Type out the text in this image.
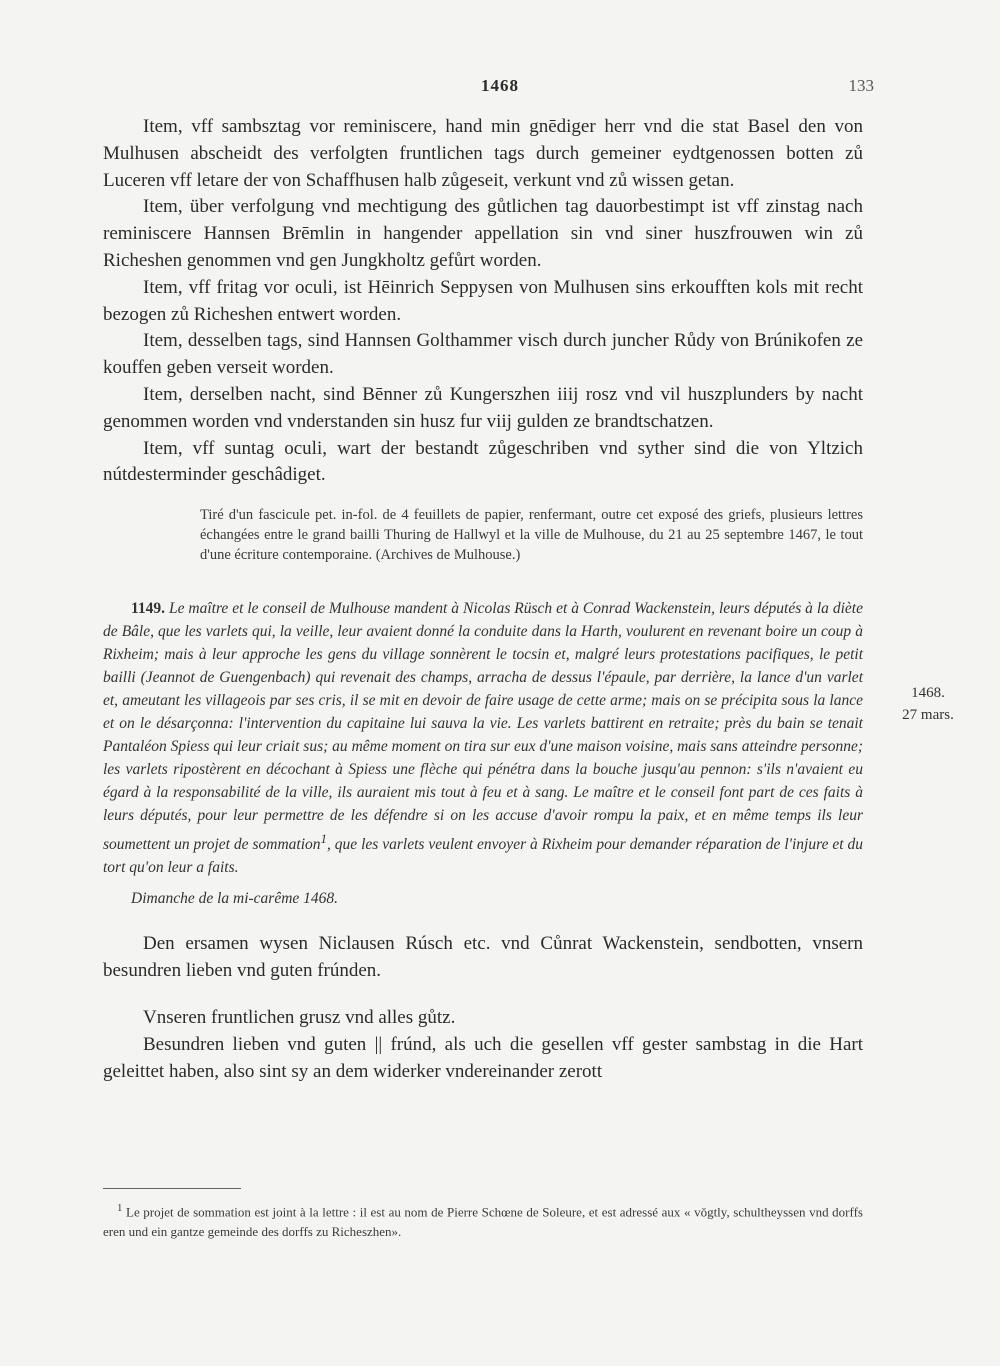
1468	133

Item, vff sambsztag vor reminiscere, hand min gnēdiger herr vnd die stat Basel den von Mulhusen abscheidt des verfolgten fruntlichen tags durch gemeiner eydtgenossen botten zů Luceren vff letare der von Schaffhusen halb zůgeseit, verkunt vnd zů wissen getan.

Item, über verfolgung vnd mechtigung des gůtlichen tag dauorbestimpt ist vff zinstag nach reminiscere Hannsen Brēmlin in hangender appellation sin vnd siner huszfrouwen win zů Richeshen genommen vnd gen Jungkholtz gefůrt worden.

Item, vff fritag vor oculi, ist Hēinrich Seppysen von Mulhusen sins erkoufften kols mit recht bezogen zů Richeshen entwert worden.

Item, desselben tags, sind Hannsen Golthammer visch durch juncher Růdy von Brúnikofen ze kouffen geben verseit worden.

Item, derselben nacht, sind Bēnner zů Kungerszhen iiij rosz vnd vil huszplunders by nacht genommen worden vnd vnderstanden sin husz fur viij gulden ze brandtschatzen.

Item, vff suntag oculi, wart der bestandt zůgeschriben vnd syther sind die von Yltzich nútdesterminder geschâdiget.

Tiré d'un fascicule pet. in-fol. de 4 feuillets de papier, renfermant, outre cet exposé des griefs, plusieurs lettres échangées entre le grand bailli Thuring de Hallwyl et la ville de Mulhouse, du 21 au 25 septembre 1467, le tout d'une écriture contemporaine. (Archives de Mulhouse.)

1149. Le maître et le conseil de Mulhouse mandent à Nicolas Rüsch et à Conrad Wackenstein, leurs députés à la diète de Bâle, que les varlets qui, la veille, leur avaient donné la conduite dans la Harth, voulurent en revenant boire un coup à Rixheim; mais à leur approche les gens du village sonnèrent le tocsin et, malgré leurs protestations pacifiques, le petit bailli (Jeannot de Guengenbach) qui revenait des champs, arracha de dessus l'épaule, par derrière, la lance d'un varlet et, ameutant les villageois par ses cris, il se mit en devoir de faire usage de cette arme; mais on se précipita sous la lance et on le désarçonna: l'intervention du capitaine lui sauva la vie. Les varlets battirent en retraite; près du bain se tenait Pantaléon Spiess qui leur criait sus; au même moment on tira sur eux d'une maison voisine, mais sans atteindre personne; les varlets ripostèrent en décochant à Spiess une flèche qui pénétra dans la bouche jusqu'au pennon: s'ils n'avaient eu égard à la responsabilité de la ville, ils auraient mis tout à feu et à sang. Le maître et le conseil font part de ces faits à leurs députés, pour leur permettre de les défendre si on les accuse d'avoir rompu la paix, et en même temps ils leur soumettent un projet de sommation$^1$, que les varlets veulent envoyer à Rixheim pour demander réparation de l'injure et du tort qu'on leur a faits.

Dimanche de la mi-carême 1468.

Den ersamen wysen Niclausen Rúsch etc. vnd Cůnrat Wackenstein, sendbotten, vnsern besundren lieben vnd guten frúnden.

Vnseren fruntlichen grusz vnd alles gůtz.

Besundren lieben vnd guten || frúnd, als uch die gesellen vff gester sambstag in die Hart geleittet haben, also sint sy an dem widerker vndereinander zerott

1468.
27 mars.

$^1$ Le projet de sommation est joint à la lettre : il est au nom de Pierre Schœne de Soleure, et est adressé aux « vǒgtly, schultheyssen vnd dorffs eren und ein gantze gemeinde des dorffs zu Richeszhen».
